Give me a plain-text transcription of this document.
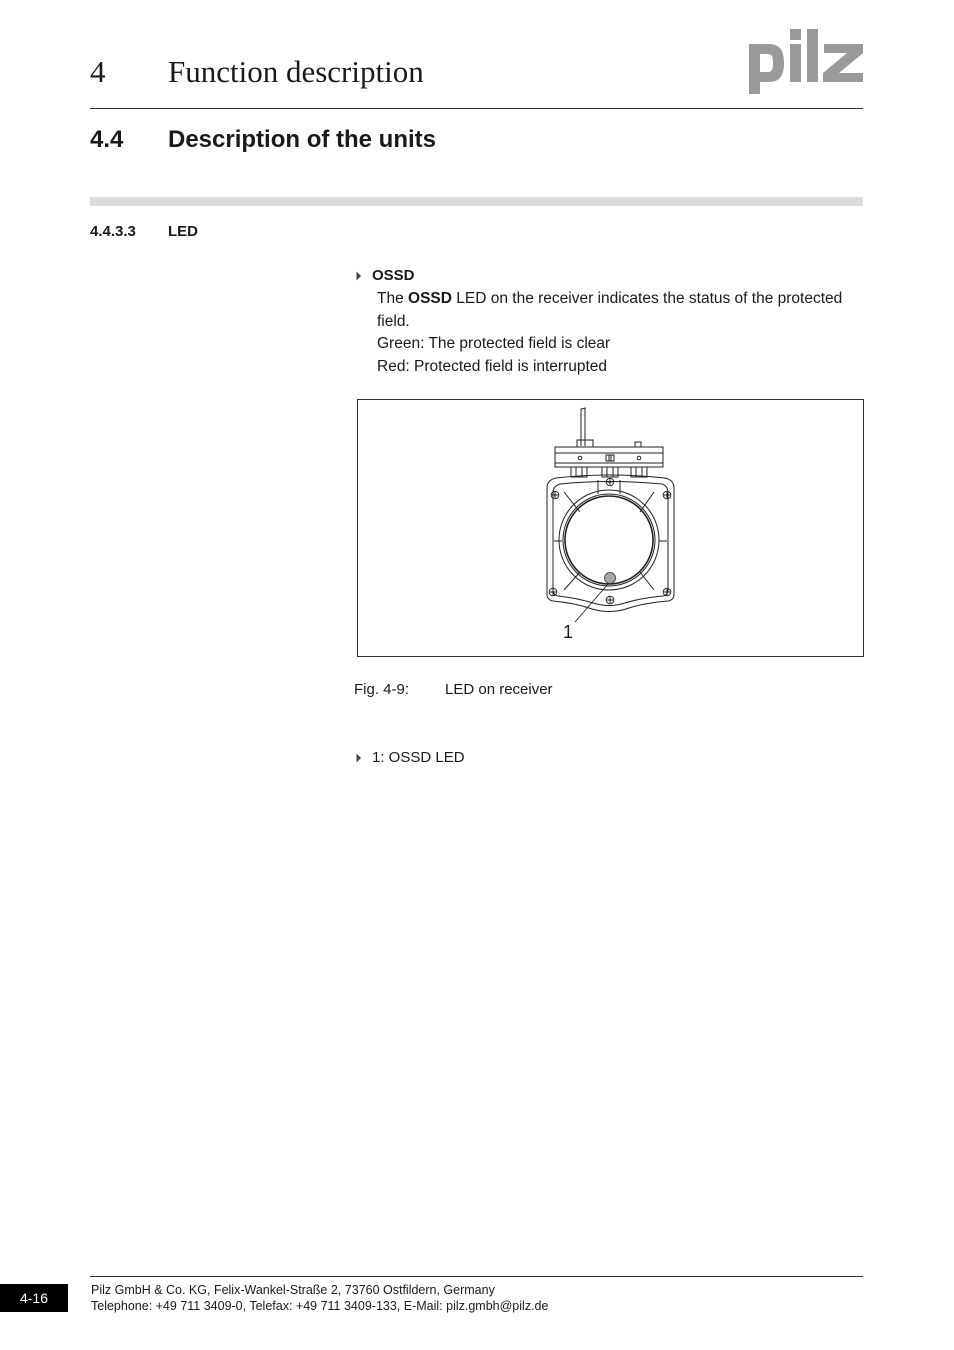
4 Function description
4.4 Description of the units
4.4.3.3 LED
OSSD

The OSSD LED on the receiver indicates the status of the protected field.

Green: The protected field is clear

Red: Protected field is interrupted

1
Fig. 4-9: LED on receiver
1: OSSD LED
4-16	Pilz GmbH & Co. KG, Felix-Wankel-Straße 2, 73760 Ostfildern, Germany
Telephone: +49 711 3409-0, Telefax: +49 711 3409-133, E-Mail: pilz.gmbh@pilz.de
